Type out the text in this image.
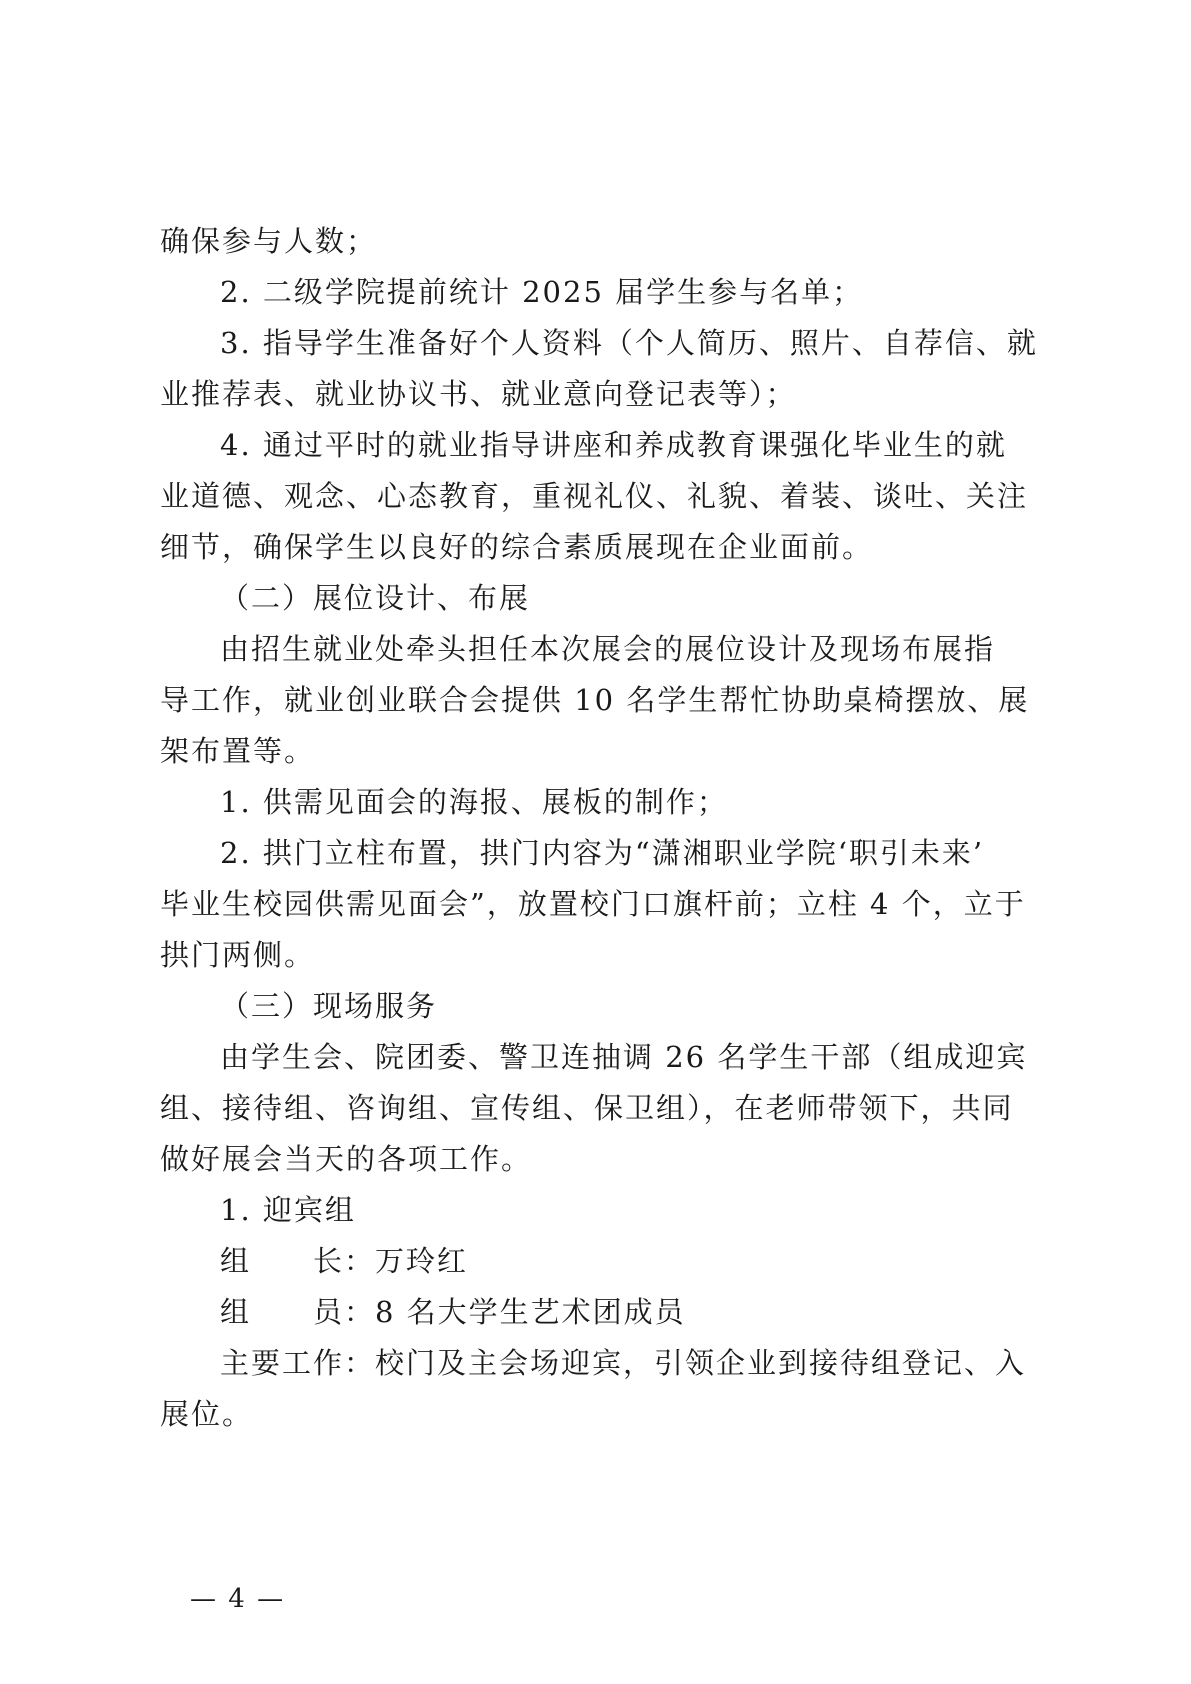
确保参与人数；
2. 二级学院提前统计 2025 届学生参与名单；
3. 指导学生准备好个人资料（个人简历、照片、自荐信、就
业推荐表、就业协议书、就业意向登记表等）；
4. 通过平时的就业指导讲座和养成教育课强化毕业生的就
业道德、观念、心态教育，重视礼仪、礼貌、着装、谈吐、关注
细节，确保学生以良好的综合素质展现在企业面前。
（二）展位设计、布展
由招生就业处牵头担任本次展会的展位设计及现场布展指
导工作，就业创业联合会提供 10 名学生帮忙协助桌椅摆放、展
架布置等。
1. 供需见面会的海报、展板的制作；
2. 拱门立柱布置，拱门内容为“潇湘职业学院‘职引未来’
毕业生校园供需见面会”，放置校门口旗杆前；立柱 4 个，立于
拱门两侧。
（三）现场服务
由学生会、院团委、警卫连抽调 26 名学生干部（组成迎宾
组、接待组、咨询组、宣传组、保卫组），在老师带领下，共同
做好展会当天的各项工作。
1. 迎宾组
组　　长：万玲红
组　　员：8 名大学生艺术团成员
主要工作：校门及主会场迎宾，引领企业到接待组登记、入
展位。
— 4 —
